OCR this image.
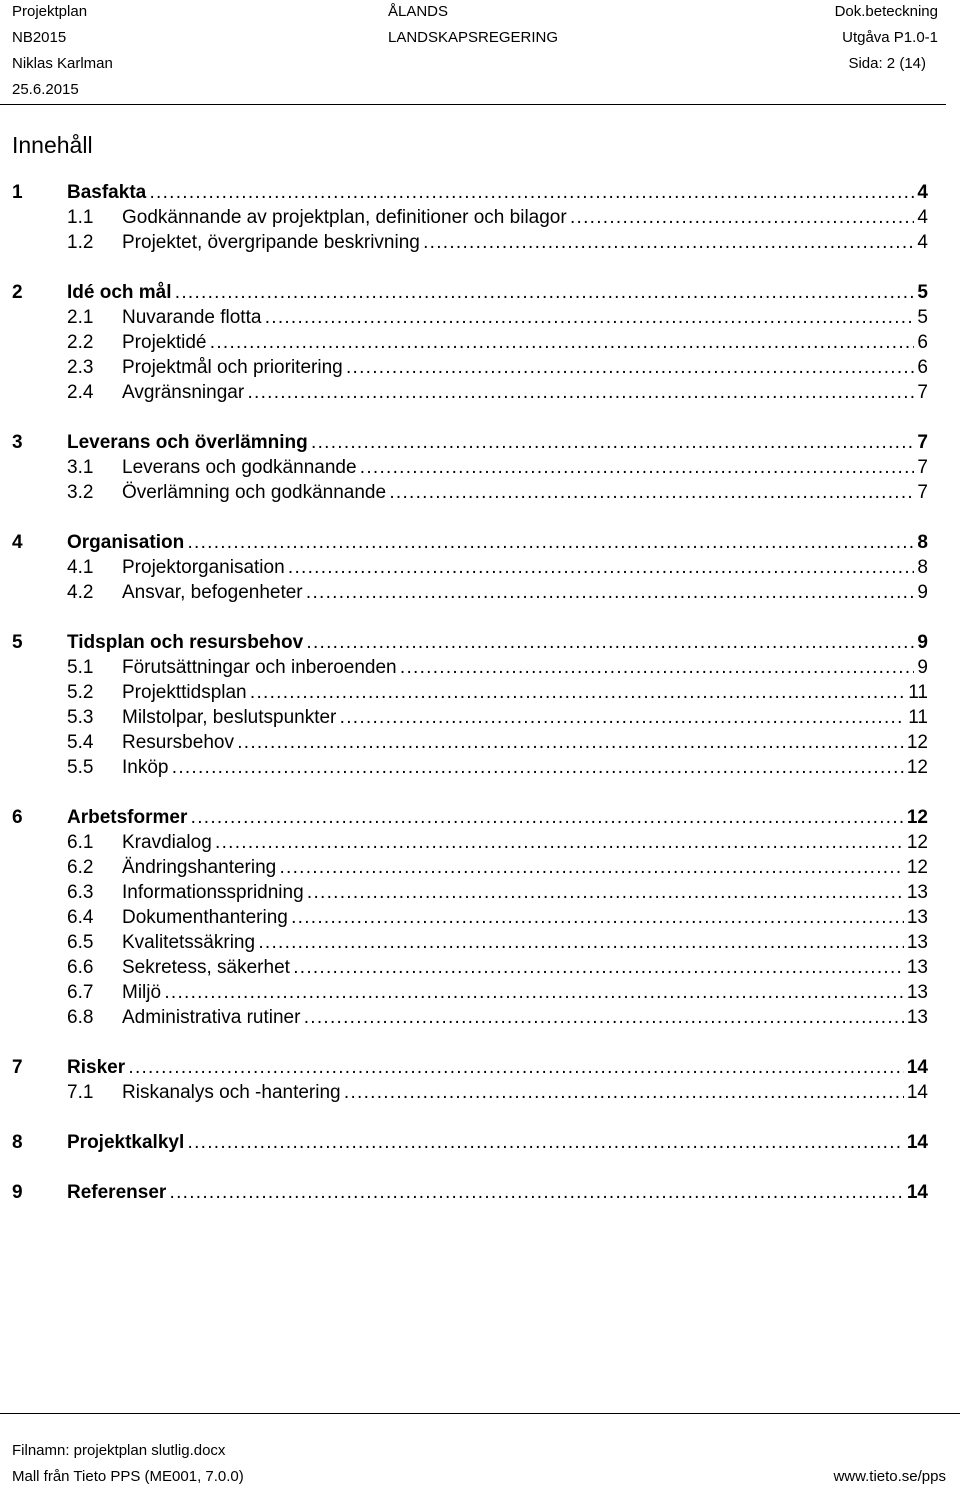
Projektplan	ÅLANDS	Dok.beteckning
NB2015	LANDSKAPSREGERING	Utgåva P1.0-1
Niklas Karlman	Sida: 2 (14)
25.6.2015
Innehåll
1 Basfakta . . .	4
1.1 Godkännande av projektplan, definitioner och bilagor . . .	4
1.2 Projektet, övergripande beskrivning . . .	4
2 Idé och mål . . .	5
2.1 Nuvarande flotta . . .	5
2.2 Projektidé . . .	6
2.3 Projektmål och prioritering . . .	6
2.4 Avgränsningar . . .	7
3 Leverans och överlämning . . .	7
3.1 Leverans och godkännande . . .	7
3.2 Överlämning och godkännande . . .	7
4 Organisation . . .	8
4.1 Projektorganisation . . .	8
4.2 Ansvar, befogenheter . . .	9
5 Tidsplan och resursbehov . . .	9
5.1 Förutsättningar och inberoenden . . .	9
5.2 Projekttidsplan . . .	11
5.3 Milstolpar, beslutspunkter . . .	11
5.4 Resursbehov . . .	12
5.5 Inköp . . .	12
6 Arbetsformer . . .	12
6.1 Kravdialog . . .	12
6.2 Ändringshantering . . .	12
6.3 Informationsspridning . . .	13
6.4 Dokumenthantering . . .	13
6.5 Kvalitetssäkring . . .	13
6.6 Sekretess, säkerhet . . .	13
6.7 Miljö . . .	13
6.8 Administrativa rutiner . . .	13
7 Risker . . .	14
7.1 Riskanalys och -hantering . . .	14
8 Projektkalkyl . . .	14
9 Referenser . . .	14
Filnamn: projektplan slutlig.docx
Mall från Tieto PPS (ME001, 7.0.0)	www.tieto.se/pps
